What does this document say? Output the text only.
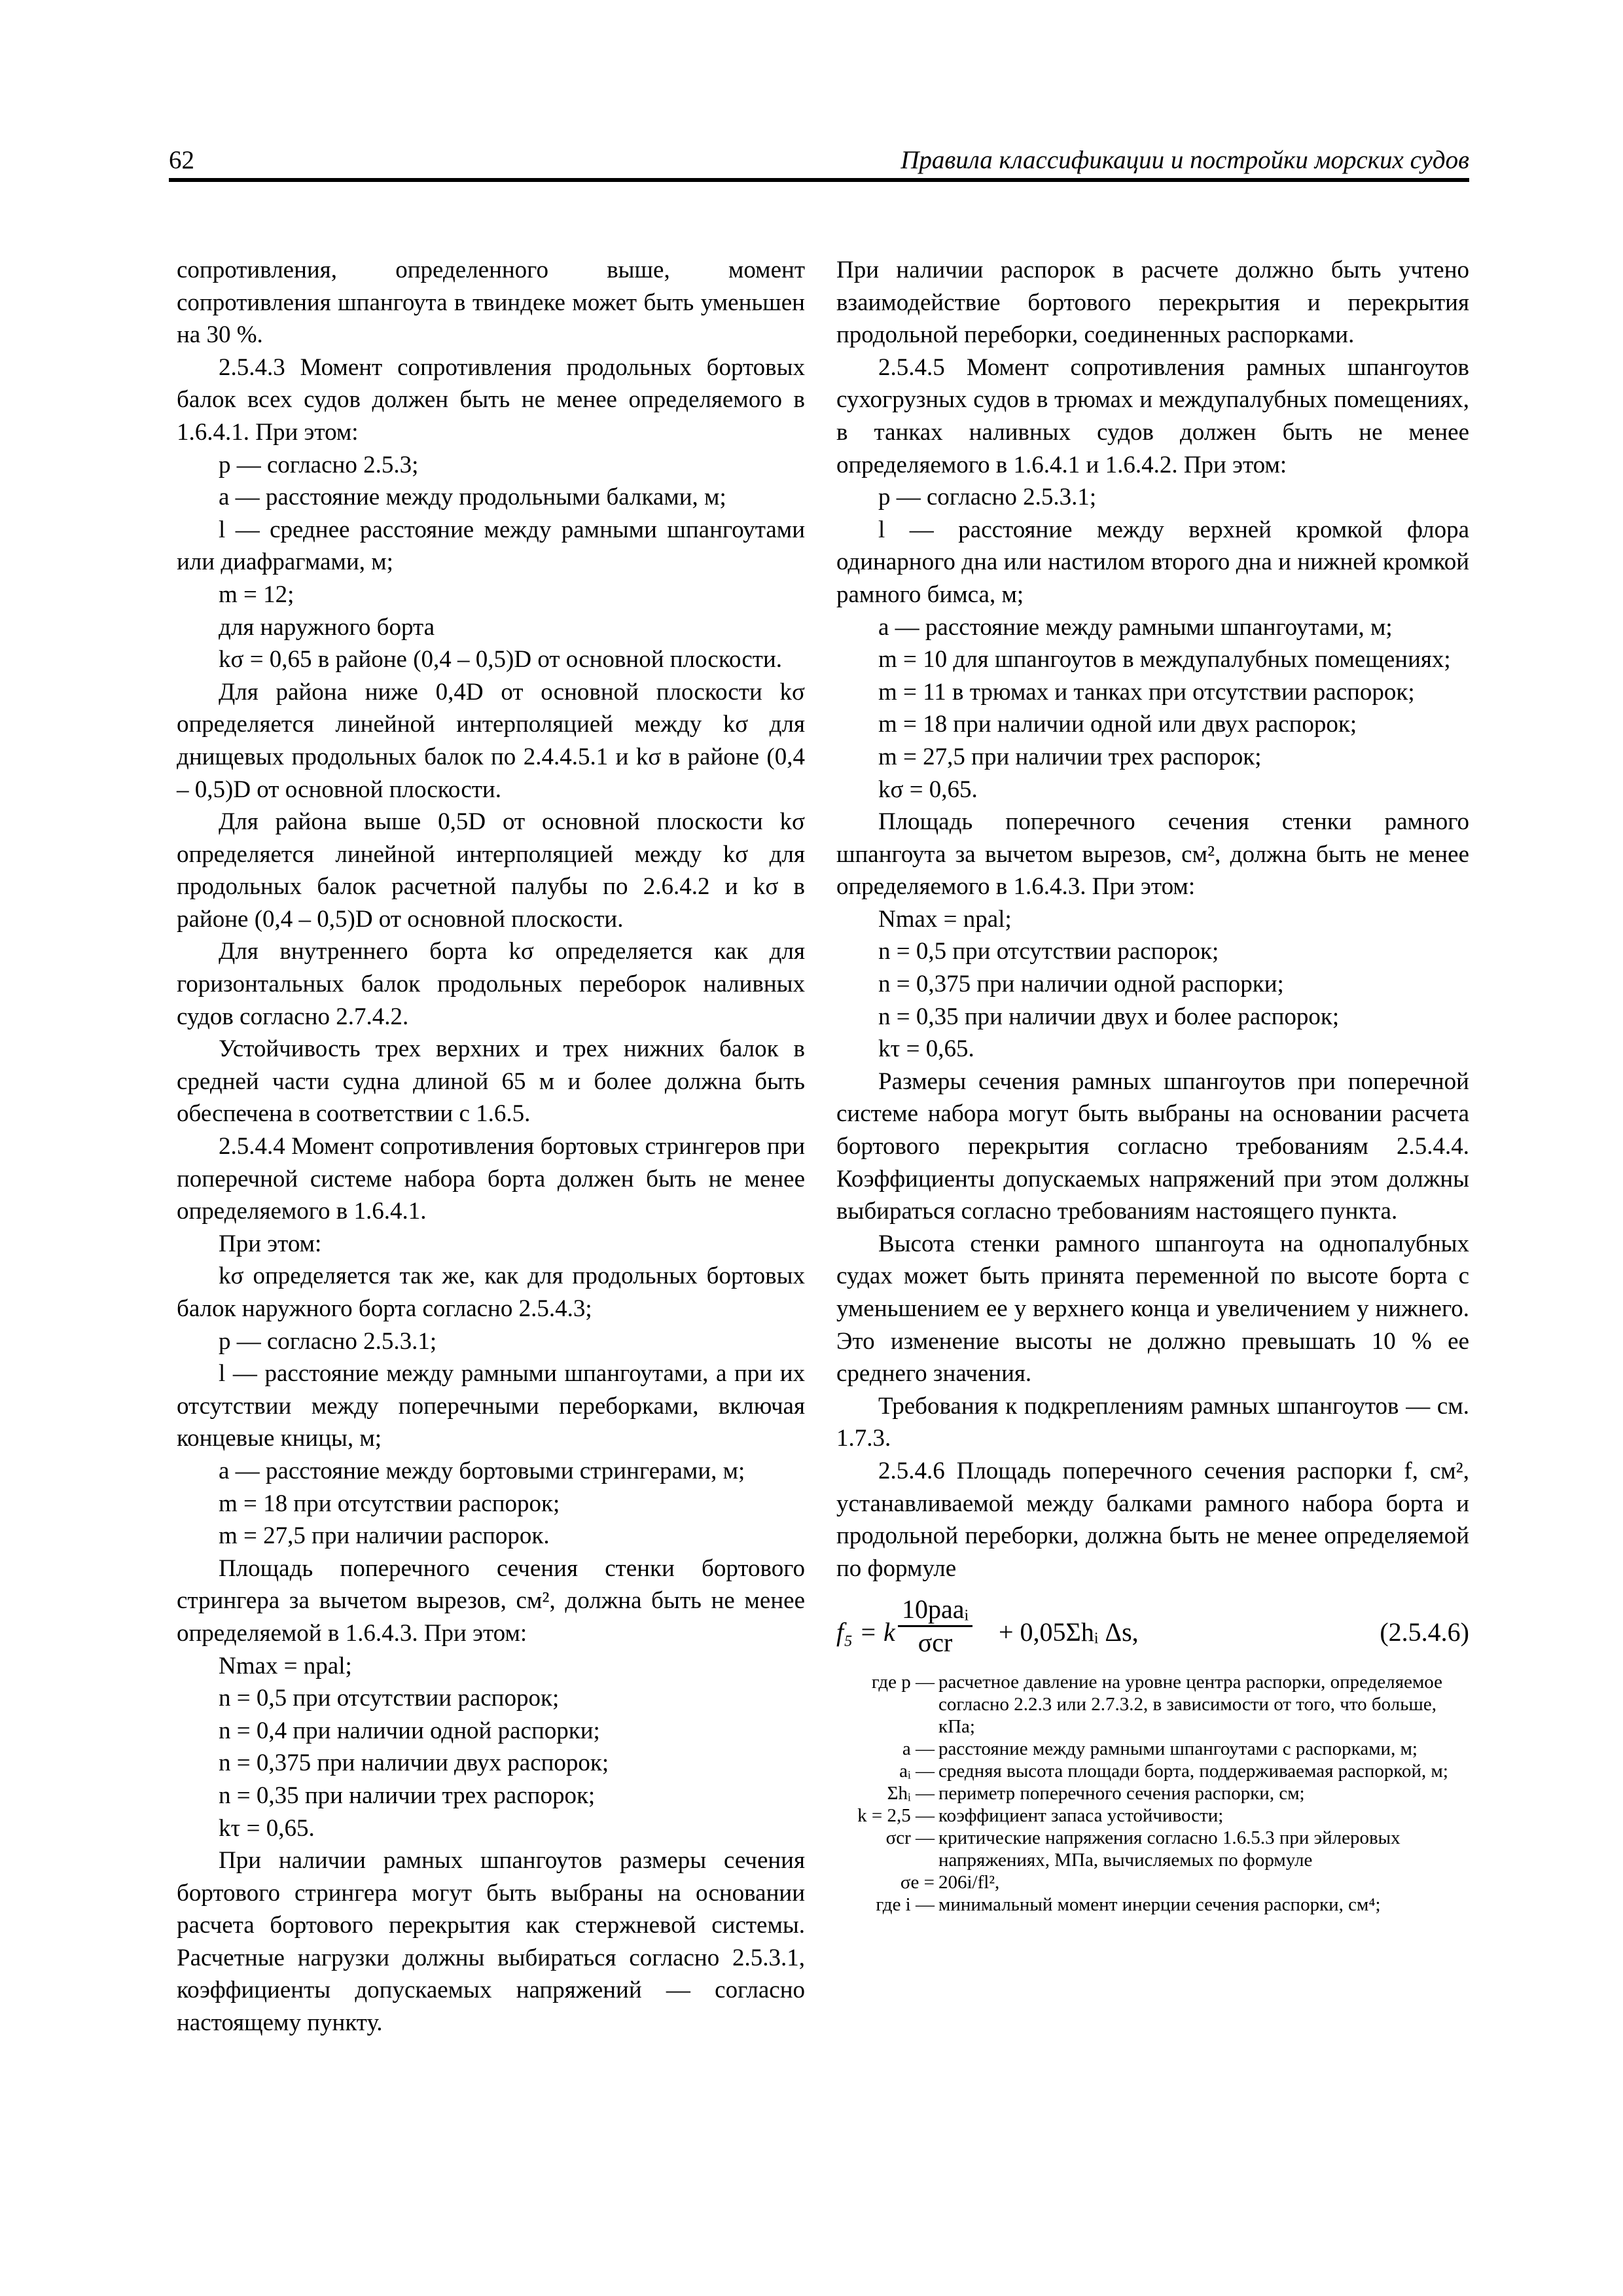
62	Правила классификации и постройки морских судов

сопротивления, определенного выше, момент сопротивления шпангоута в твиндеке может быть уменьшен на 30 %.

2.5.4.3 Момент сопротивления продольных бортовых балок всех судов должен быть не менее определяемого в 1.6.4.1. При этом:

p — согласно 2.5.3;

a — расстояние между продольными балками, м;

l — среднее расстояние между рамными шпангоутами или диафрагмами, м;

m = 12;

для наружного борта

kσ = 0,65 в районе (0,4 – 0,5)D от основной плоскости.

Для района ниже 0,4D от основной плоскости kσ определяется линейной интерполяцией между kσ для днищевых продольных балок по 2.4.4.5.1 и kσ в районе (0,4 – 0,5)D от основной плоскости.

Для района выше 0,5D от основной плоскости kσ определяется линейной интерполяцией между kσ для продольных балок расчетной палубы по 2.6.4.2 и kσ в районе (0,4 – 0,5)D от основной плоскости.

Для внутреннего борта kσ определяется как для горизонтальных балок продольных переборок наливных судов согласно 2.7.4.2.

Устойчивость трех верхних и трех нижних балок в средней части судна длиной 65 м и более должна быть обеспечена в соответствии с 1.6.5.

2.5.4.4 Момент сопротивления бортовых стрингеров при поперечной системе набора борта должен быть не менее определяемого в 1.6.4.1.

При этом:

kσ определяется так же, как для продольных бортовых балок наружного борта согласно 2.5.4.3;

p — согласно 2.5.3.1;

l — расстояние между рамными шпангоутами, а при их отсутствии между поперечными переборками, включая концевые кницы, м;

a — расстояние между бортовыми стрингерами, м;

m = 18 при отсутствии распорок;

m = 27,5 при наличии распорок.

Площадь поперечного сечения стенки бортового стрингера за вычетом вырезов, см², должна быть не менее определяемой в 1.6.4.3. При этом:

Nmax = npal;

n = 0,5 при отсутствии распорок;

n = 0,4 при наличии одной распорки;

n = 0,375 при наличии двух распорок;

n = 0,35 при наличии трех распорок;

kτ = 0,65.

При наличии рамных шпангоутов размеры сечения бортового стрингера могут быть выбраны на основании расчета бортового перекрытия как стержневой системы. Расчетные нагрузки должны выбираться согласно 2.5.3.1, коэффициенты допускаемых напряжений — согласно настоящему пункту.

При наличии распорок в расчете должно быть учтено взаимодействие бортового перекрытия и перекрытия продольной переборки, соединенных распорками.

2.5.4.5 Момент сопротивления рамных шпангоутов сухогрузных судов в трюмах и междупалубных помещениях, в танках наливных судов должен быть не менее определяемого в 1.6.4.1 и 1.6.4.2. При этом:

p — согласно 2.5.3.1;

l — расстояние между верхней кромкой флора одинарного дна или настилом второго дна и нижней кромкой рамного бимса, м;

a — расстояние между рамными шпангоутами, м;

m = 10 для шпангоутов в междупалубных помещениях;

m = 11 в трюмах и танках при отсутствии распорок;

m = 18 при наличии одной или двух распорок;

m = 27,5 при наличии трех распорок;

kσ = 0,65.

Площадь поперечного сечения стенки рамного шпангоута за вычетом вырезов, см², должна быть не менее определяемого в 1.6.4.3. При этом:

Nmax = npal;

n = 0,5 при отсутствии распорок;

n = 0,375 при наличии одной распорки;

n = 0,35 при наличии двух и более распорок;

kτ = 0,65.

Размеры сечения рамных шпангоутов при поперечной системе набора могут быть выбраны на основании расчета бортового перекрытия согласно требованиям 2.5.4.4. Коэффициенты допускаемых напряжений при этом должны выбираться согласно требованиям настоящего пункта.

Высота стенки рамного шпангоута на однопалубных судах может быть принята переменной по высоте борта с уменьшением ее у верхнего конца и увеличением у нижнего. Это изменение высоты не должно превышать 10 % ее среднего значения.

Требования к подкреплениям рамных шпангоутов — см. 1.7.3.

2.5.4.6 Площадь поперечного сечения распорки f, см², устанавливаемой между балками рамного набора борта и продольной переборки, должна быть не менее определяемой по формуле

f₅ = k
10paaᵢ
σcr	+ 0,05Σhᵢ Δs,	(2.5.4.6)
где p — расчетное давление на уровне центра распорки, определяемое согласно 2.2.3 или 2.7.3.2, в зависимости от того, что больше, кПа;
a — расстояние между рамными шпангоутами с распорками, м;
aᵢ — средняя высота площади борта, поддерживаемая распоркой, м;
Σhᵢ — периметр поперечного сечения распорки, см;
k = 2,5 — коэффициент запаса устойчивости;
σcr — критические напряжения согласно 1.6.5.3 при эйлеровых напряжениях, МПа, вычисляемых по формуле
σe = 206i/fl²,
где i — минимальный момент инерции сечения распорки, см⁴;
